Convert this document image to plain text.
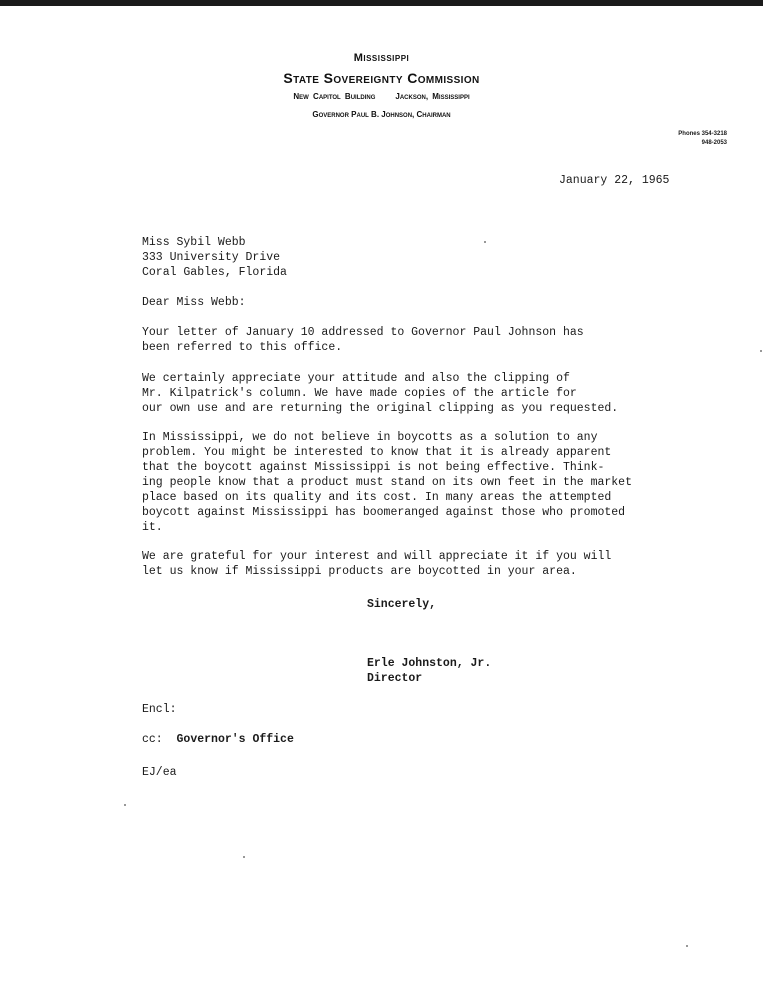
Mississippi
State Sovereignty Commission
New Capitol Building	Jackson, Mississippi
Governor Paul B. Johnson, Chairman
Phones 354-3218
948-2053
January 22, 1965
Miss Sybil Webb
333 University Drive
Coral Gables, Florida
Dear Miss Webb:
Your letter of January 10 addressed to Governor Paul Johnson has
been referred to this office.
We certainly appreciate your attitude and also the clipping of
Mr. Kilpatrick's column. We have made copies of the article for
our own use and are returning the original clipping as you requested.
In Mississippi, we do not believe in boycotts as a solution to any
problem. You might be interested to know that it is already apparent
that the boycott against Mississippi is not being effective. Think-
ing people know that a product must stand on its own feet in the market
place based on its quality and its cost. In many areas the attempted
boycott against Mississippi has boomeranged against those who promoted
it.
We are grateful for your interest and will appreciate it if you will
let us know if Mississippi products are boycotted in your area.
Sincerely,
Erle Johnston, Jr.
Director
Encl:
cc: Governor's Office
EJ/ea
